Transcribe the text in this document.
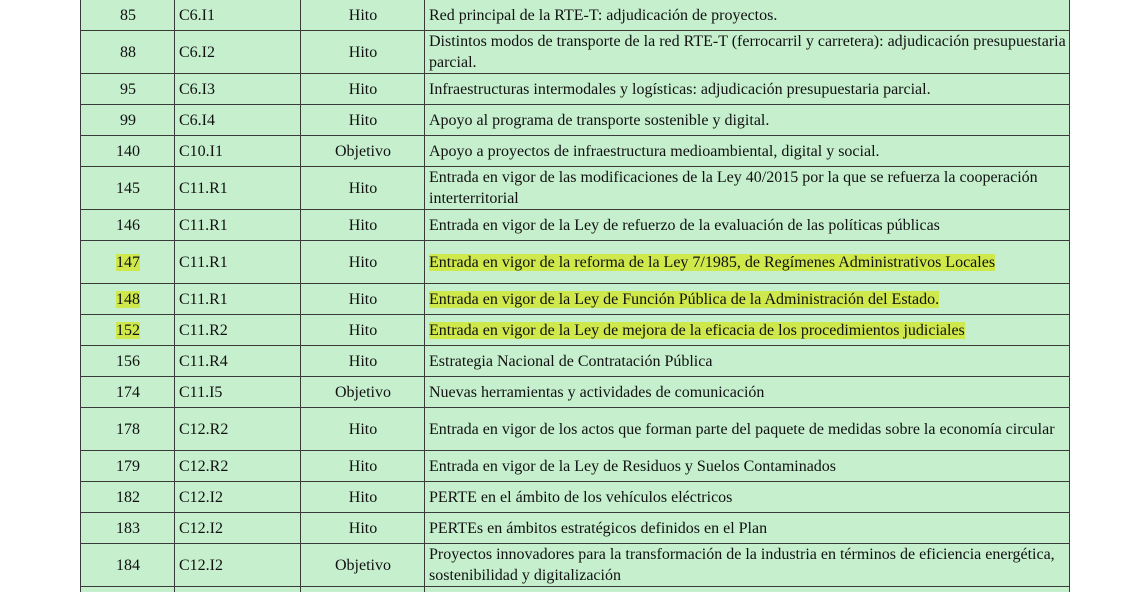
85	C6.I1	Hito	Red principal de la RTE-T: adjudicación de proyectos.
88	C6.I2	Hito	Distintos modos de transporte de la red RTE-T (ferrocarril y carretera): adjudicación presupuestaria parcial.
95	C6.I3	Hito	Infraestructuras intermodales y logísticas: adjudicación presupuestaria parcial.
99	C6.I4	Hito	Apoyo al programa de transporte sostenible y digital.
140	C10.I1	Objetivo	Apoyo a proyectos de infraestructura medioambiental, digital y social.
145	C11.R1	Hito	Entrada en vigor de las modificaciones de la Ley 40/2015 por la que se refuerza la cooperación interterritorial
146	C11.R1	Hito	Entrada en vigor de la Ley de refuerzo de la evaluación de las políticas públicas
147	C11.R1	Hito	Entrada en vigor de la reforma de la Ley 7/1985, de Regímenes Administrativos Locales
148	C11.R1	Hito	Entrada en vigor de la Ley de Función Pública de la Administración del Estado.
152	C11.R2	Hito	Entrada en vigor de la Ley de mejora de la eficacia de los procedimientos judiciales
156	C11.R4	Hito	Estrategia Nacional de Contratación Pública
174	C11.I5	Objetivo	Nuevas herramientas y actividades de comunicación
178	C12.R2	Hito	Entrada en vigor de los actos que forman parte del paquete de medidas sobre la economía circular
179	C12.R2	Hito	Entrada en vigor de la Ley de Residuos y Suelos Contaminados
182	C12.I2	Hito	PERTE en el ámbito de los vehículos eléctricos
183	C12.I2	Hito	PERTEs en ámbitos estratégicos definidos en el Plan
184	C12.I2	Objetivo	Proyectos innovadores para la transformación de la industria en términos de eficiencia energética, sostenibilidad y digitalización
